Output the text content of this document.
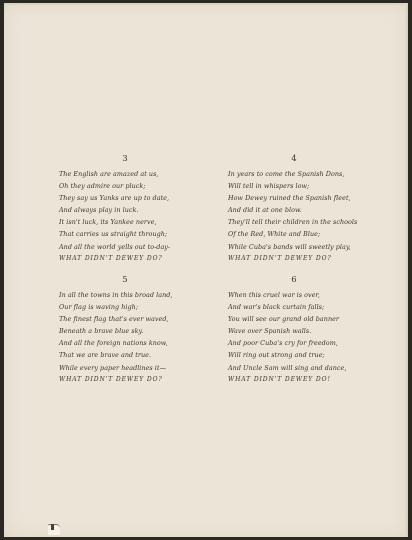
3
The English are amazed at us,
Oh they admire our pluck;
They say us Yanks are up to date,
And always play in luck.
It isn't luck, its Yankee nerve,
That carries us straight through;
And all the world yells out to-day-
WHAT DIDN'T DEWEY DO?
4
In years to come the Spanish Dons,
Will tell in whispers low;
How Dewey ruined the Spanish fleet,
And did it at one blow.
They'll tell their children in the schools
Of the Red, White and Blue;
While Cuba's bands will sweetly play,
WHAT DIDN'T DEWEY DO?
5
In all the towns in this broad land,
Our flag is waving high;
The finest flag that's ever waved,
Beneath a brave blue sky.
And all the foreign nations know,
That we are brave and true.
While every paper headlines it—
WHAT DIDN'T DEWEY DO?
6
When this cruel war is over,
And war's black curtain falls;
You will see our grand old banner
Wave over Spanish walls.
And poor Cuba's cry for freedom,
Will ring out strong and true;
And Uncle Sam will sing and dance,
WHAT DIDN'T DEWEY DO!
